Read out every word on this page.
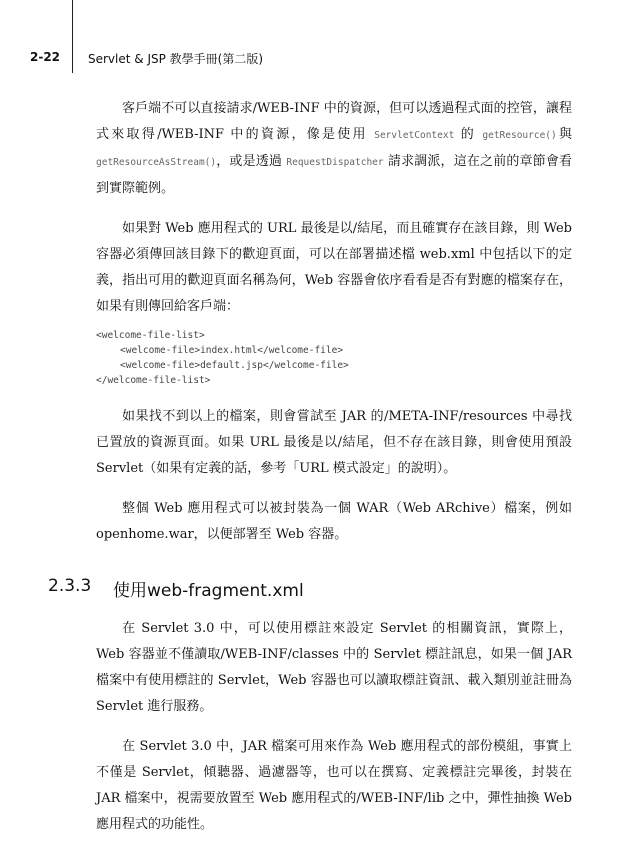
2-22 Servlet & JSP 教學手冊(第二版)

客戶端不可以直接請求/WEB-INF 中的資源，但可以透過程式面的控管，讓程式來取得/WEB-INF 中的資源，像是使用 ServletContext 的 getResource()與 getResourceAsStream()，或是透過 RequestDispatcher 請求調派，這在之前的章節會看到實際範例。

如果對 Web 應用程式的 URL 最後是以/結尾，而且確實存在該目錄，則 Web 容器必須傳回該目錄下的歡迎頁面，可以在部署描述檔 web.xml 中包括以下的定義，指出可用的歡迎頁面名稱為何，Web 容器會依序看看是否有對應的檔案存在，如果有則傳回給客戶端：

<welcome-file-list>
<welcome-file>index.html</welcome-file>
<welcome-file>default.jsp</welcome-file>
</welcome-file-list>

如果找不到以上的檔案，則會嘗試至 JAR 的/META-INF/resources 中尋找已置放的資源頁面。如果 URL 最後是以/結尾，但不存在該目錄，則會使用預設 Servlet（如果有定義的話，參考「URL 模式設定」的說明）。

整個 Web 應用程式可以被封裝為一個 WAR（Web ARchive）檔案，例如 openhome.war，以便部署至 Web 容器。

2.3.3 使用web-fragment.xml

在 Servlet 3.0 中，可以使用標註來設定 Servlet 的相關資訊，實際上，Web 容器並不僅讀取/WEB-INF/classes 中的 Servlet 標註訊息，如果一個 JAR 檔案中有使用標註的 Servlet，Web 容器也可以讀取標註資訊、載入類別並註冊為 Servlet 進行服務。

在 Servlet 3.0 中，JAR 檔案可用來作為 Web 應用程式的部份模組，事實上不僅是 Servlet，傾聽器、過濾器等，也可以在撰寫、定義標註完畢後，封裝在 JAR 檔案中，視需要放置至 Web 應用程式的/WEB-INF/lib 之中，彈性抽換 Web 應用程式的功能性。
